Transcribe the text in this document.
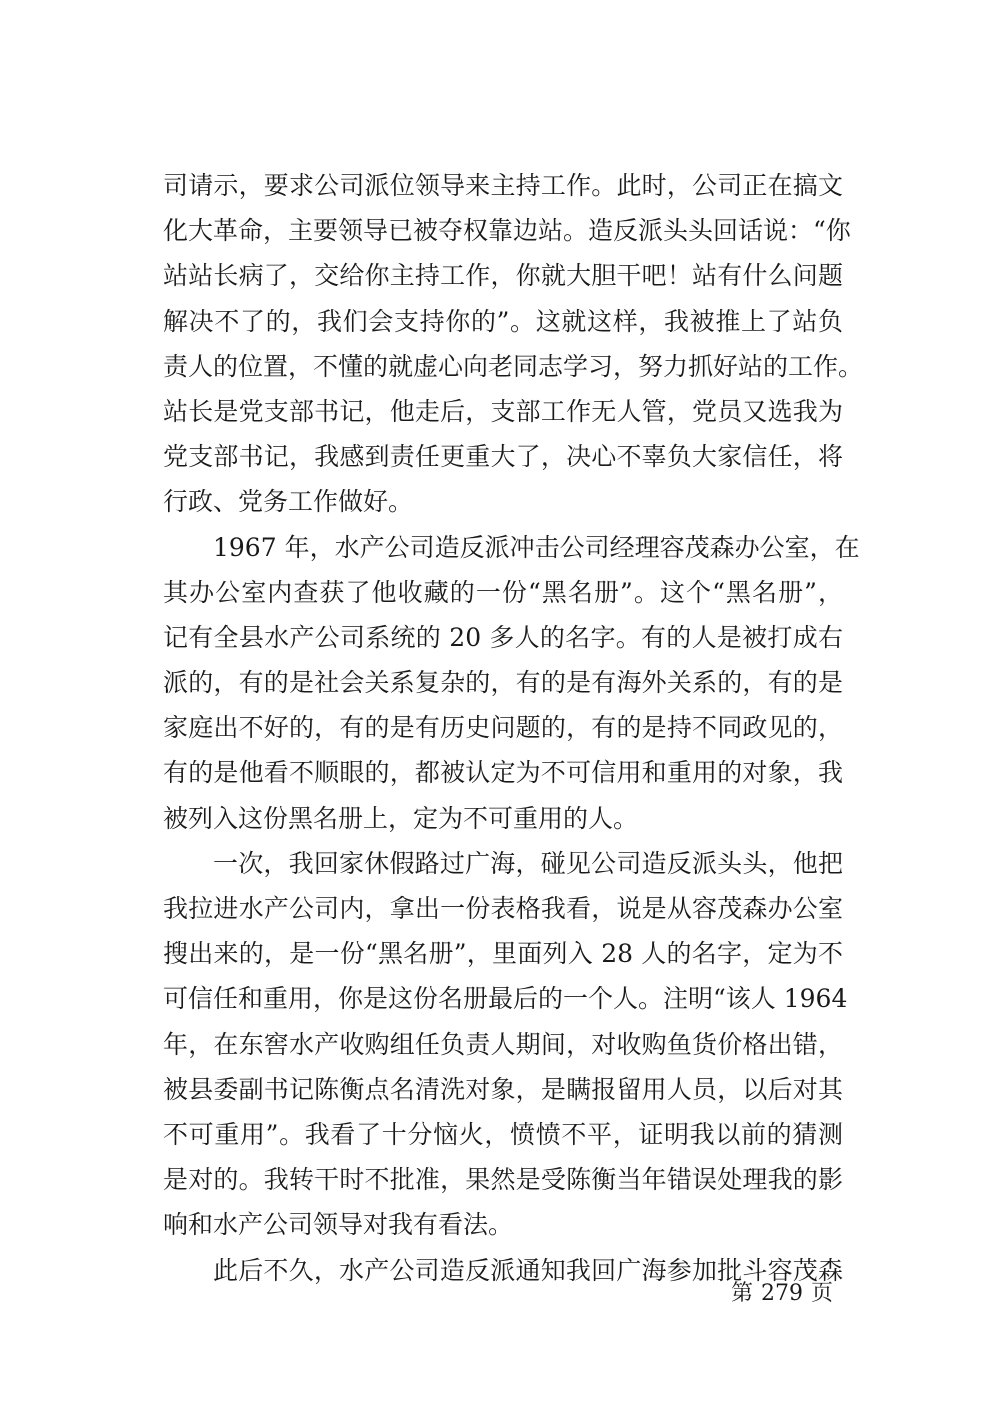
司请示，要求公司派位领导来主持工作。此时，公司正在搞文
化大革命，主要领导已被夺权靠边站。造反派头头回话说：“你
站站长病了，交给你主持工作，你就大胆干吧！站有什么问题
解决不了的，我们会支持你的”。这就这样，我被推上了站负
责人的位置，不懂的就虚心向老同志学习，努力抓好站的工作。
站长是党支部书记，他走后，支部工作无人管，党员又选我为
党支部书记，我感到责任更重大了，决心不辜负大家信任，将
行政、党务工作做好。
1967 年，水产公司造反派冲击公司经理容茂森办公室，在
其办公室内查获了他收藏的一份“黑名册”。这个“黑名册”，
记有全县水产公司系统的 20 多人的名字。有的人是被打成右
派的，有的是社会关系复杂的，有的是有海外关系的，有的是
家庭出不好的，有的是有历史问题的，有的是持不同政见的，
有的是他看不顺眼的，都被认定为不可信用和重用的对象，我
被列入这份黑名册上，定为不可重用的人。
一次，我回家休假路过广海，碰见公司造反派头头，他把
我拉进水产公司内，拿出一份表格我看，说是从容茂森办公室
搜出来的，是一份“黑名册”，里面列入 28 人的名字，定为不
可信任和重用，你是这份名册最后的一个人。注明“该人 1964
年，在东窖水产收购组任负责人期间，对收购鱼货价格出错，
被县委副书记陈衡点名清洗对象，是瞒报留用人员，以后对其
不可重用”。我看了十分恼火，愤愤不平，证明我以前的猜测
是对的。我转干时不批准，果然是受陈衡当年错误处理我的影
响和水产公司领导对我有看法。
此后不久，水产公司造反派通知我回广海参加批斗容茂森
第 279 页
